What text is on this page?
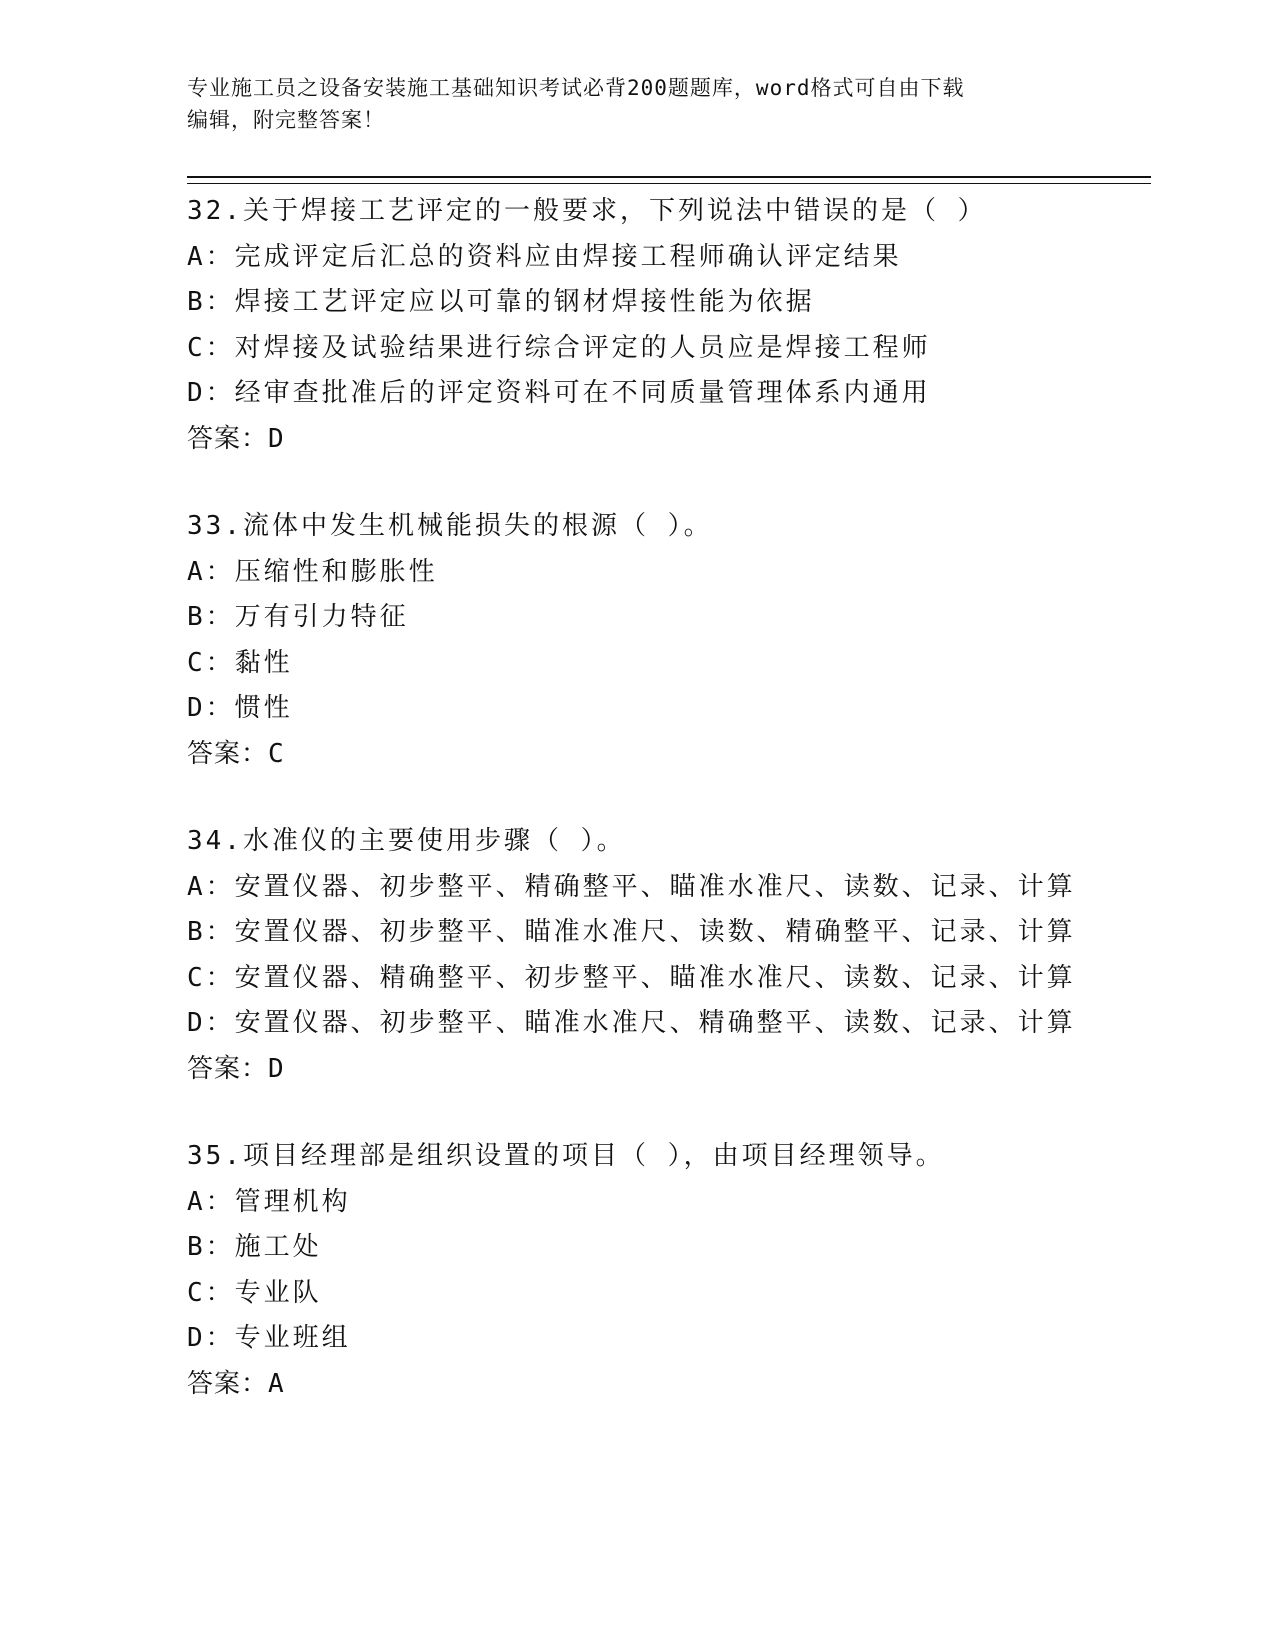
专业施工员之设备安装施工基础知识考试必背200题题库，word格式可自由下载
编辑，附完整答案！
32.关于焊接工艺评定的一般要求，下列说法中错误的是（ ）
A：完成评定后汇总的资料应由焊接工程师确认评定结果
B：焊接工艺评定应以可靠的钢材焊接性能为依据
C：对焊接及试验结果进行综合评定的人员应是焊接工程师
D：经审查批准后的评定资料可在不同质量管理体系内通用
答案：D
33.流体中发生机械能损失的根源（ ）。
A：压缩性和膨胀性
B：万有引力特征
C：黏性
D：惯性
答案：C
34.水准仪的主要使用步骤（ ）。
A：安置仪器、初步整平、精确整平、瞄准水准尺、读数、记录、计算
B：安置仪器、初步整平、瞄准水准尺、读数、精确整平、记录、计算
C：安置仪器、精确整平、初步整平、瞄准水准尺、读数、记录、计算
D：安置仪器、初步整平、瞄准水准尺、精确整平、读数、记录、计算
答案：D
35.项目经理部是组织设置的项目（ ），由项目经理领导。
A：管理机构
B：施工处
C：专业队
D：专业班组
答案：A
